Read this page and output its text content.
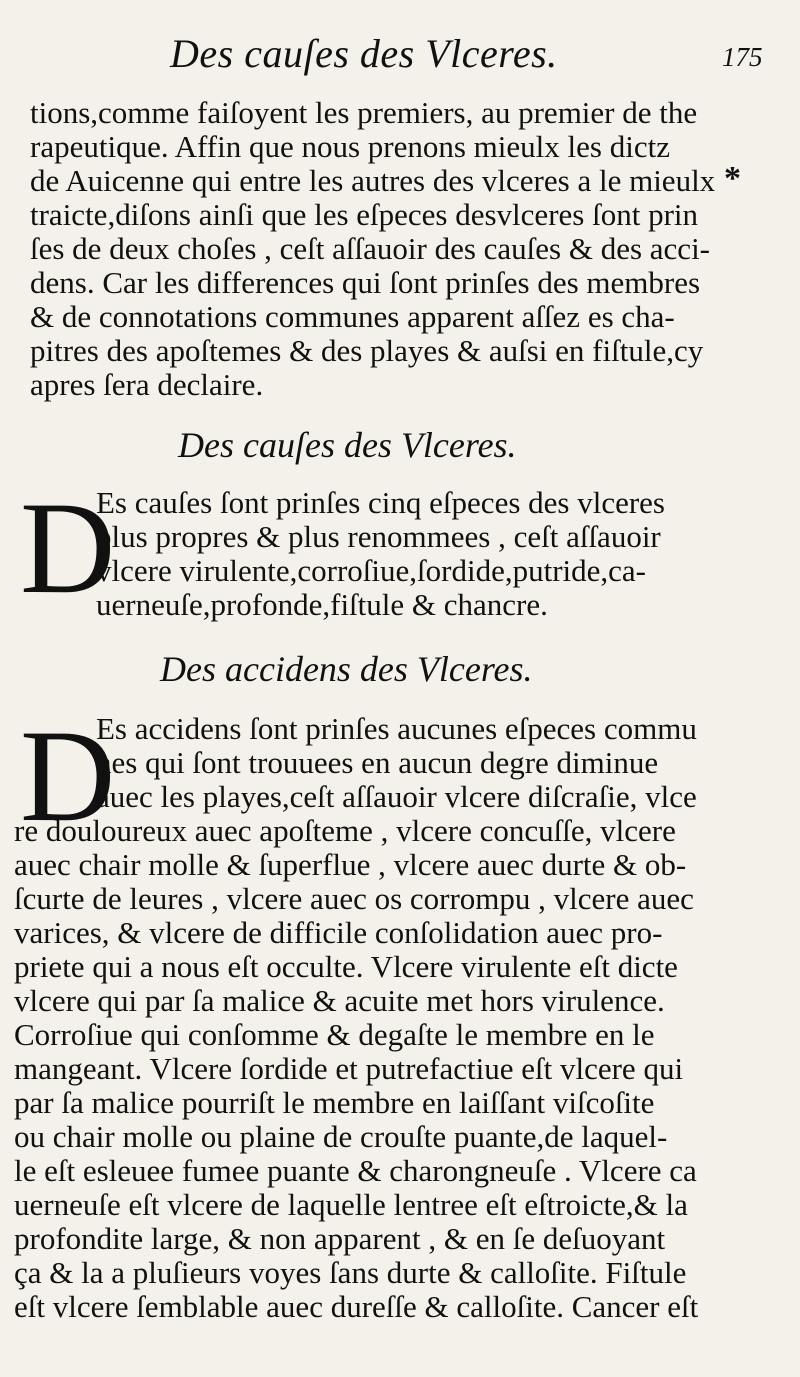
Des cauſes des Vlceres.	175
tions,comme faiſoyent les premiers, au premier de the
rapeutique. Affin que nous prenons mieulx les dictz
de Auicenne qui entre les autres des vlceres a le mieulx
traicte,diſons ainſi que les eſpeces desvlceres ſont prin
ſes de deux choſes , ceſt aſſauoir des cauſes & des acci-
dens. Car les differences qui ſont prinſes des membres
& de connotations communes apparent aſſez es cha-
pitres des apoſtemes & des playes & auſsi en fiſtule,cy
apres ſera declaire.
*
Des cauſes des Vlceres.
D
Es cauſes ſont prinſes cinq eſpeces des vlceres
plus propres & plus renommees , ceſt aſſauoir
vlcere virulente,corroſiue,ſordide,putride,ca-
uerneuſe,profonde,fiſtule & chancre.
Des accidens des Vlceres.
D
Es accidens ſont prinſes aucunes eſpeces commu
nes qui ſont trouuees en aucun degre diminue
auec les playes,ceſt aſſauoir vlcere diſcraſie, vlce
re douloureux auec apoſteme , vlcere concuſſe, vlcere
auec chair molle & ſuperflue , vlcere auec durte & ob-
ſcurte de leures , vlcere auec os corrompu , vlcere auec
varices, & vlcere de difficile conſolidation auec pro-
priete qui a nous eſt occulte. Vlcere virulente eſt dicte
vlcere qui par ſa malice & acuite met hors virulence.
Corroſiue qui conſomme & degaſte le membre en le
mangeant. Vlcere ſordide et putrefactiue eſt vlcere qui
par ſa malice pourriſt le membre en laiſſant viſcoſite
ou chair molle ou plaine de crouſte puante,de laquel-
le eſt esleuee fumee puante & charongneuſe . Vlcere ca
uerneuſe eſt vlcere de laquelle lentree eſt eſtroicte,& la
profondite large, & non apparent , & en ſe deſuoyant
ça & la a pluſieurs voyes ſans durte & calloſite. Fiſtule
eſt vlcere ſemblable auec dureſſe & calloſite. Cancer eſt
